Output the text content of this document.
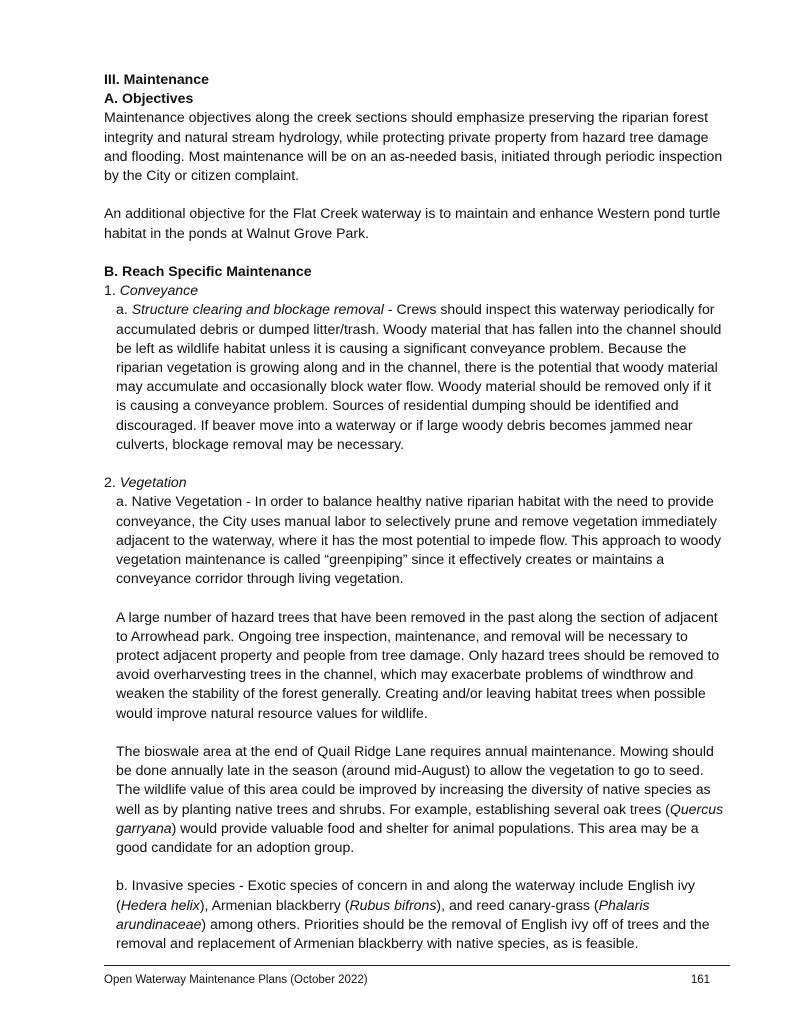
III. Maintenance

A. Objectives

Maintenance objectives along the creek sections should emphasize preserving the riparian forest integrity and natural stream hydrology, while protecting private property from hazard tree damage and flooding. Most maintenance will be on an as-needed basis, initiated through periodic inspection by the City or citizen complaint.

An additional objective for the Flat Creek waterway is to maintain and enhance Western pond turtle habitat in the ponds at Walnut Grove Park.

B. Reach Specific Maintenance

1. Conveyance

a. Structure clearing and blockage removal - Crews should inspect this waterway periodically for accumulated debris or dumped litter/trash. Woody material that has fallen into the channel should be left as wildlife habitat unless it is causing a significant conveyance problem. Because the riparian vegetation is growing along and in the channel, there is the potential that woody material may accumulate and occasionally block water flow. Woody material should be removed only if it is causing a conveyance problem. Sources of residential dumping should be identified and discouraged. If beaver move into a waterway or if large woody debris becomes jammed near culverts, blockage removal may be necessary.

2. Vegetation

a. Native Vegetation - In order to balance healthy native riparian habitat with the need to provide conveyance, the City uses manual labor to selectively prune and remove vegetation immediately adjacent to the waterway, where it has the most potential to impede flow. This approach to woody vegetation maintenance is called “greenpiping” since it effectively creates or maintains a conveyance corridor through living vegetation.

A large number of hazard trees that have been removed in the past along the section of adjacent to Arrowhead park. Ongoing tree inspection, maintenance, and removal will be necessary to protect adjacent property and people from tree damage. Only hazard trees should be removed to avoid overharvesting trees in the channel, which may exacerbate problems of windthrow and weaken the stability of the forest generally. Creating and/or leaving habitat trees when possible would improve natural resource values for wildlife.

The bioswale area at the end of Quail Ridge Lane requires annual maintenance. Mowing should be done annually late in the season (around mid-August) to allow the vegetation to go to seed. The wildlife value of this area could be improved by increasing the diversity of native species as well as by planting native trees and shrubs. For example, establishing several oak trees (Quercus garryana) would provide valuable food and shelter for animal populations. This area may be a good candidate for an adoption group.

b. Invasive species - Exotic species of concern in and along the waterway include English ivy (Hedera helix), Armenian blackberry (Rubus bifrons), and reed canary-grass (Phalaris arundinaceae) among others. Priorities should be the removal of English ivy off of trees and the removal and replacement of Armenian blackberry with native species, as is feasible.

Open Waterway Maintenance Plans (October 2022)	161
